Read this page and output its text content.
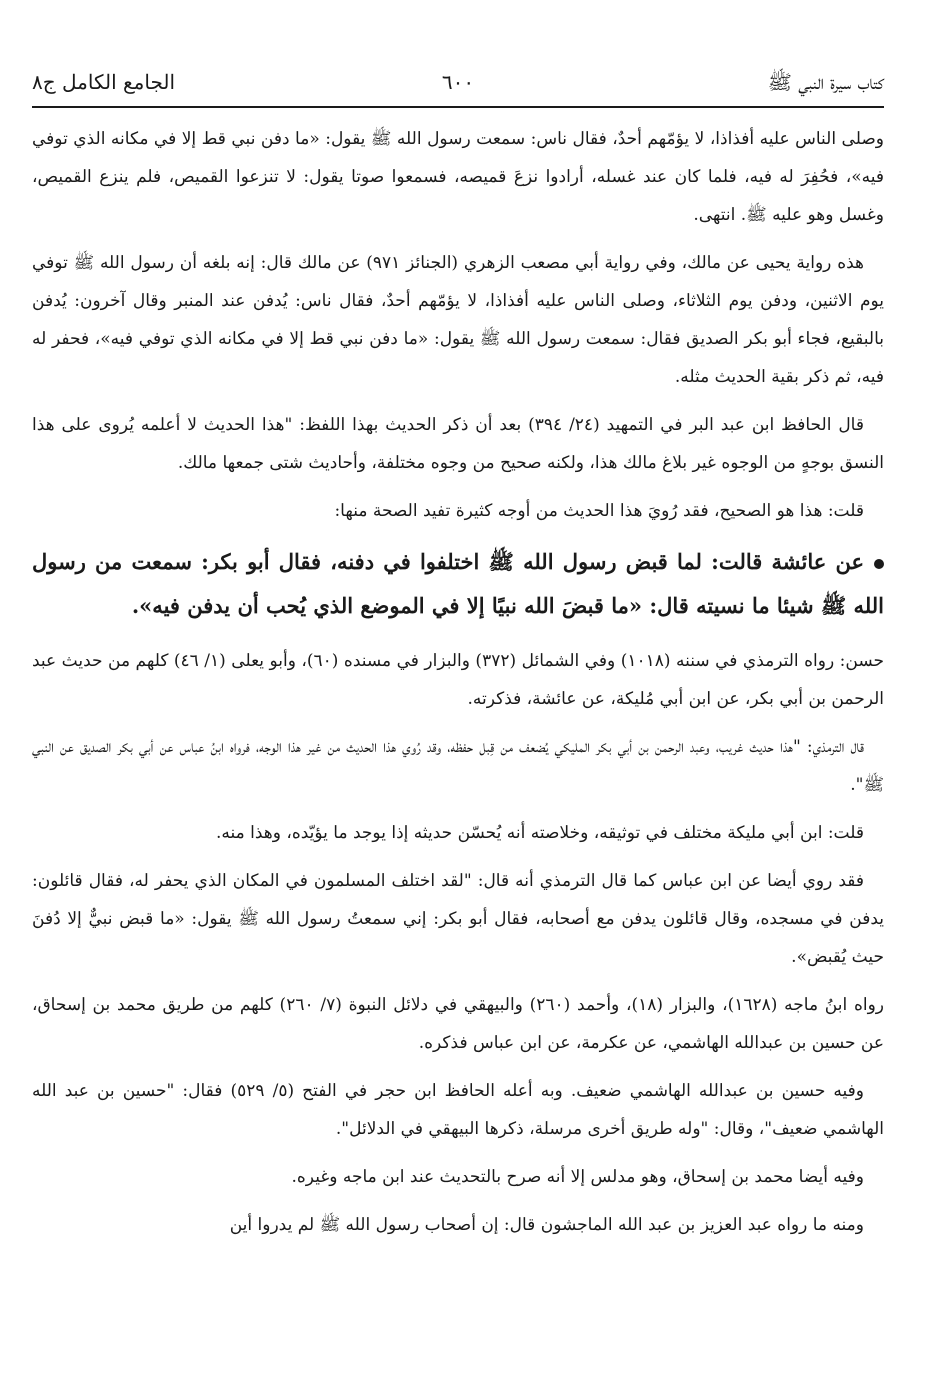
كتاب سيرة النبي ﷺ
٦٠٠
الجامع الكامل ج٨

وصلى الناس عليه أفذاذا، لا يؤمّهم أحدٌ، فقال ناس: سمعت رسول الله ﷺ يقول: «ما دفن نبي قط إلا في مكانه الذي توفي فيه»، فحُفِرَ له فيه، فلما كان عند غسله، أرادوا نزعَ قميصه، فسمعوا صوتا يقول: لا تنزعوا القميص، فلم ينزع القميص، وغسل وهو عليه ﷺ. انتهى.

هذه رواية يحيى عن مالك، وفي رواية أبي مصعب الزهري (الجنائز ٩٧١) عن مالك قال: إنه بلغه أن رسول الله ﷺ توفي يوم الاثنين، ودفن يوم الثلاثاء، وصلى الناس عليه أفذاذا، لا يؤمّهم أحدٌ، فقال ناس: يُدفن عند المنبر وقال آخرون: يُدفن بالبقيع، فجاء أبو بكر الصديق فقال: سمعت رسول الله ﷺ يقول: «ما دفن نبي قط إلا في مكانه الذي توفي فيه»، فحفر له فيه، ثم ذكر بقية الحديث مثله.

قال الحافظ ابن عبد البر في التمهيد (٢٤/ ٣٩٤) بعد أن ذكر الحديث بهذا اللفظ: "هذا الحديث لا أعلمه يُروى على هذا النسق بوجهٍ من الوجوه غير بلاغ مالك هذا، ولكنه صحيح من وجوه مختلفة، وأحاديث شتى جمعها مالك.

قلت: هذا هو الصحيح، فقد رُويَ هذا الحديث من أوجه كثيرة تفيد الصحة منها:

عن عائشة قالت: لما قبض رسول الله ﷺ اختلفوا في دفنه، فقال أبو بكر: سمعت من رسول الله ﷺ شيئا ما نسيته قال: «ما قبضَ الله نبيًا إلا في الموضع الذي يُحب أن يدفن فيه».

حسن: رواه الترمذي في سننه (١٠١٨) وفي الشمائل (٣٧٢) والبزار في مسنده (٦٠)، وأبو يعلى (١/ ٤٦) كلهم من حديث عبد الرحمن بن أبي بكر، عن ابن أبي مُليكة، عن عائشة، فذكرته.

قال الترمذي: "هذا حديث غريب، وعبد الرحمن بن أبي بكر المليكي يُضعف من قِبل حفظه، وقد رُوي هذا الحديث من غير هذا الوجه، فرواه ابنُ عباس عن أبي بكر الصديق عن النبي ﷺ".

قلت: ابن أبي مليكة مختلف في توثيقه، وخلاصته أنه يُحسّن حديثه إذا يوجد ما يؤيّده، وهذا منه.

فقد روي أيضا عن ابن عباس كما قال الترمذي أنه قال: "لقد اختلف المسلمون في المكان الذي يحفر له، فقال قائلون: يدفن في مسجده، وقال قائلون يدفن مع أصحابه، فقال أبو بكر: إني سمعتُ رسول الله ﷺ يقول: «ما قبض نبيٌّ إلا دُفنَ حيث يُقبض».

رواه ابنُ ماجه (١٦٢٨)، والبزار (١٨)، وأحمد (٢٦٠) والبيهقي في دلائل النبوة (٧/ ٢٦٠) كلهم من طريق محمد بن إسحاق، عن حسين بن عبدالله الهاشمي، عن عكرمة، عن ابن عباس فذكره.

وفيه حسين بن عبدالله الهاشمي ضعيف. وبه أعله الحافظ ابن حجر في الفتح (٥/ ٥٢٩) فقال: "حسين بن عبد الله الهاشمي ضعيف"، وقال: "وله طريق أخرى مرسلة، ذكرها البيهقي في الدلائل".

وفيه أيضا محمد بن إسحاق، وهو مدلس إلا أنه صرح بالتحديث عند ابن ماجه وغيره.

ومنه ما رواه عبد العزيز بن عبد الله الماجشون قال: إن أصحاب رسول الله ﷺ لم يدروا أين
